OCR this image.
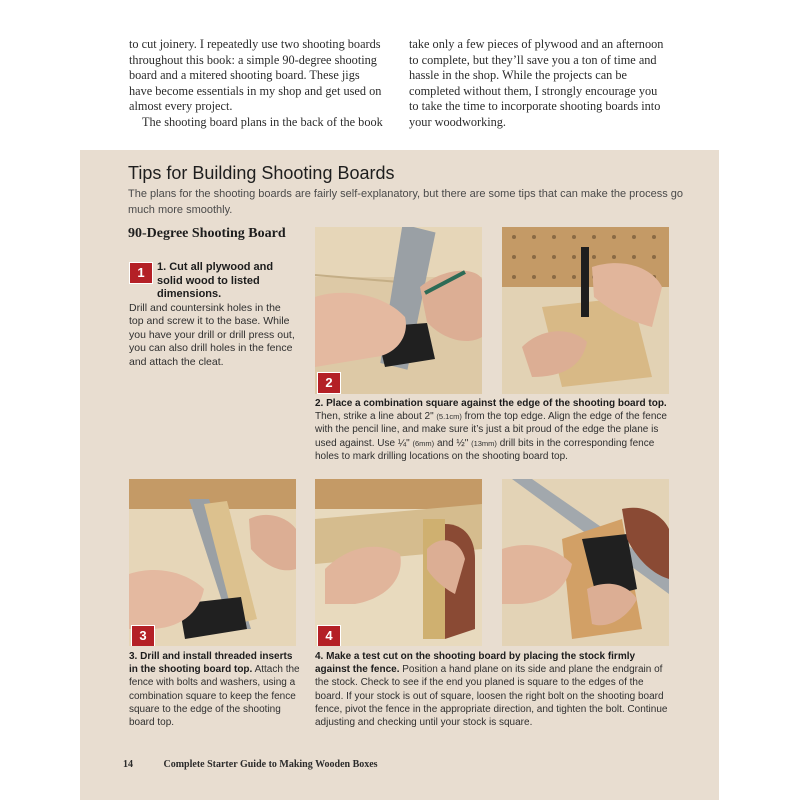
to cut joinery. I repeatedly use two shooting boards throughout this book: a simple 90-degree shooting board and a mitered shooting board. These jigs have become essentials in my shop and get used on almost every project.

The shooting board plans in the back of the book

take only a few pieces of plywood and an afternoon to complete, but they’ll save you a ton of time and hassle in the shop. While the projects can be completed without them, I strongly encourage you to take the time to incorporate shooting boards into your woodworking.

Tips for Building Shooting Boards
The plans for the shooting boards are fairly self-explanatory, but there are some tips that can make the process go much more smoothly.
90-Degree Shooting Board
1	1. Cut all plywood and solid wood to listed dimensions.
Drill and countersink holes in the top and screw it to the base. While you have your drill or drill press out, you can also drill holes in the fence and attach the cleat.
2
2. Place a combination square against the edge of the shooting board top. Then, strike a line about 2" (5.1cm) from the top edge. Align the edge of the fence with the pencil line, and make sure it’s just a bit proud of the edge the plane is used against. Use ¼" (6mm) and ½" (13mm) drill bits in the corresponding fence holes to mark drilling locations on the shooting board top.
3	4
3. Drill and install threaded inserts in the shooting board top. Attach the fence with bolts and washers, using a combination square to keep the fence square to the edge of the shooting board top.
4. Make a test cut on the shooting board by placing the stock firmly against the fence. Position a hand plane on its side and plane the endgrain of the stock. Check to see if the end you planed is square to the edges of the board. If your stock is out of square, loosen the right bolt on the shooting board fence, pivot the fence in the appropriate direction, and tighten the bolt. Continue adjusting and checking until your stock is square.
14	Complete Starter Guide to Making Wooden Boxes
